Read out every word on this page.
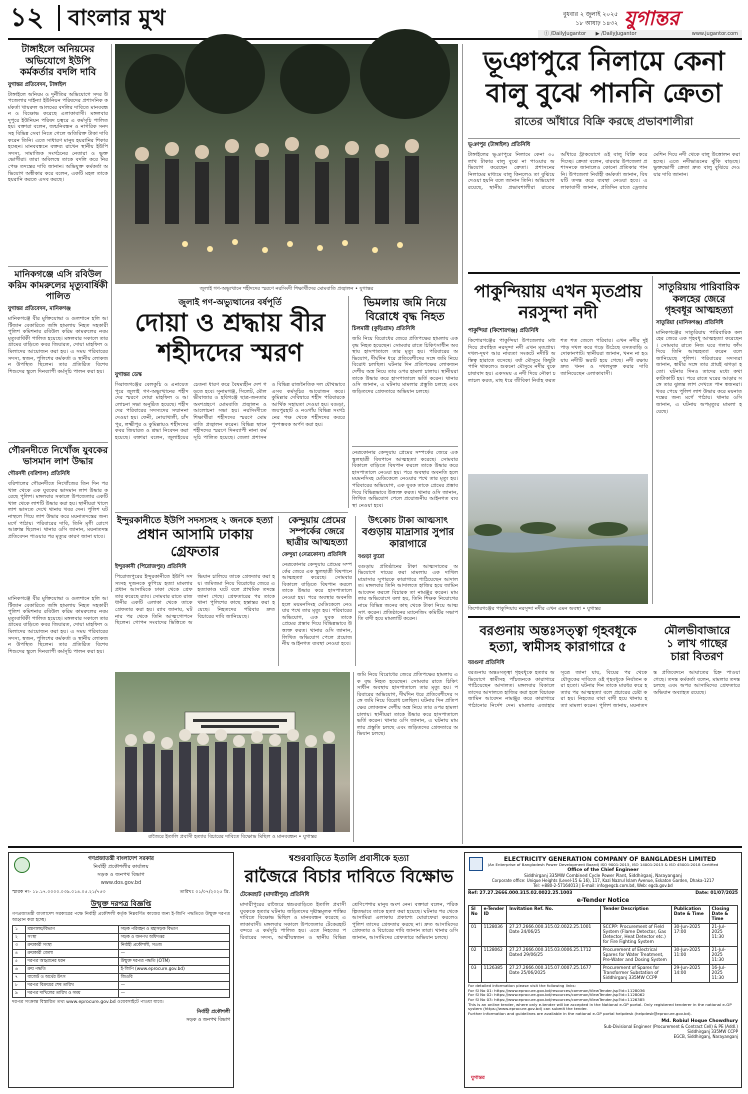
১২ বাংলার মুখ	বুধবার ২ জুলাই ২০২৫
১৮ আষাঢ় ১৪৩২ যুগান্তর
ⓕ /DailyJugantor ▶ /DailyJugantor	www.jugantor.com
টাঙ্গাইলে অনিয়মের অভিযোগে ইউপি কর্মকর্তার বদলি দাবি
যুগান্তর প্রতিবেদন, টাঙ্গাইল
টাঙ্গাইলে অনিয়ম ও দুর্নীতির অভিযোগে সদর উপজেলার দাইন্যা ইউনিয়ন পরিষদের প্রশাসনিক কর্মকর্তা খায়রুল আলমের বদলির দাবিতে মানববন্ধন ও বিক্ষোভ করেছে এলাকাবাসী। মঙ্গলবার দুপুরে ইউনিয়ন পরিষদ চত্বরে এ কর্মসূচি পালিত হয়। বক্তারা বলেন, জন্মনিবন্ধন ও নাগরিক সনদসহ বিভিন্ন সেবা নিতে গেলে অতিরিক্ত টাকা দাবি করেন তিনি। এতে সাধারণ মানুষ হয়রানির শিকার হচ্ছেন। মানববন্ধনে বক্তব্য রাখেন স্থানীয় ইউপি সদস্য, সামাজিক সংগঠনের নেতারা ও ভুক্তভোগীরা। তারা অবিলম্বে তাকে বদলি করে নিরপেক্ষ তদন্তের দাবি জানান। অভিযুক্ত কর্মকর্তা অভিযোগ অস্বীকার করে বলেন, একটি মহল তাকে হয়রানি করতে এসব করছে।
মানিকগঞ্জে এসি রবিউল করিম কামরুলের মৃত্যুবার্ষিকী পালিত
যুগান্তর প্রতিবেদন, মানিকগঞ্জ
মানিকগঞ্জে বীর মুক্তিযোদ্ধা ও গুলশানে হলি আর্টিজান বেকারিতে জঙ্গি হামলায় নিহত সহকারী পুলিশ কমিশনার রবিউল করিম কামরুলের নবম মৃত্যুবার্ষিকী পালিত হয়েছে। মঙ্গলবার সকালে তার গ্রামের বাড়িতে কবর জিয়ারত, দোয়া মাহফিল ও মিলাদের আয়োজন করা হয়। এ সময় পরিবারের সদস্য, স্বজন, পুলিশের কর্মকর্তা ও স্থানীয় লোকজন উপস্থিত ছিলেন। তার প্রতিষ্ঠিত বিশেষ শিশুদের স্কুলে দিনব্যাপী কর্মসূচি পালন করা হয়।
গৌরনদীতে নিখোঁজ যুবকের ভাসমান লাশ উদ্ধার
গৌরনদী (বরিশাল) প্রতিনিধি
বরিশালের গৌরনদীতে নিখোঁজের তিন দিন পর খাল থেকে এক যুবকের ভাসমান লাশ উদ্ধার করেছে পুলিশ। মঙ্গলবার সকালে উপজেলার একটি খাল থেকে লাশটি উদ্ধার করা হয়। স্থানীয়রা খালে লাশ ভাসতে দেখে থানায় খবর দেন। পুলিশ ঘটনাস্থলে গিয়ে লাশ উদ্ধার করে ময়নাতদন্তের জন্য মর্গে পাঠায়। পরিবারের দাবি, তিনি মৃগী রোগে আক্রান্ত ছিলেন। থানার ওসি জানান, ময়নাতদন্ত প্রতিবেদন পাওয়ার পর মৃত্যুর কারণ জানা যাবে।
জুলাই গণ-অভ্যুত্থানে শহীদদের স্মরণে নরসিংদী শিক্ষার্থীদের মোমবাতি প্রজ্বালন • যুগান্তর
জুলাই গণ-অভ্যুত্থানের বর্ষপূর্তি
দোয়া ও শ্রদ্ধায় বীর
শহীদদের স্মরণ
যুগান্তর ডেস্ক
সিরাজগঞ্জের বেলকুচি ও এনায়েতপুরে জুলাই গণ-অভ্যুত্থানের শহীদদের স্মরণে দোয়া মাহফিল ও আলোচনা সভা অনুষ্ঠিত হয়েছে। শহীদদের পরিবারের সদস্যদের সম্মাননা দেওয়া হয়। ফেনী, নোয়াখালী, চাঁদপুর, লক্ষ্মীপুর ও কুমিল্লায়ও শহীদদের কবর জিয়ারত ও শ্রদ্ধা নিবেদন করা হয়েছে। বক্তারা বলেন, জুলাইয়ের চেতনা ধারণ করে বৈষম্যহীন দেশ গড়তে হবে। সুনামগঞ্জ, সিলেট, মৌলভীবাজার ও হবিগঞ্জে ছাত্র-জনতার অংশগ্রহণে মোমবাতি প্রজ্বালন ও আলোচনা সভা হয়। নরসিংদীতে শিক্ষার্থীরা শহীদদের স্মরণে মোমবাতি প্রজ্বালন করেন। বিভিন্ন স্থানে শহীদদের স্মরণে দিনব্যাপী নানা কর্মসূচি পালিত হয়েছে। জেলা প্রশাসন ও বিভিন্ন রাজনৈতিক দল যৌথভাবে এসব কর্মসূচির আয়োজন করে। কুমিল্লার দেবিদ্বারে শহীদ পরিবারকে আর্থিক সহায়তা দেওয়া হয়। বগুড়া, জয়পুরহাট ও নওগাঁয় বিভিন্ন সংগঠনের পক্ষ থেকে শহীদদের কবরে পুষ্পস্তবক অর্পণ করা হয়।
ভিমলায় জমি নিয়ে বিরোধে বৃদ্ধ নিহত
চিলমারী (কুড়িগ্রাম) প্রতিনিধি
জমি নিয়ে বিরোধের জেরে প্রতিপক্ষের হামলায় এক বৃদ্ধ নিহত হয়েছেন। সোমবার রাতে চিকিৎসাধীন অবস্থায় হাসপাতালে তার মৃত্যু হয়। পরিবারের অভিযোগ, দীর্ঘদিন ধরে প্রতিবেশীদের সঙ্গে জমি নিয়ে বিরোধ চলছিল। ঘটনার দিন প্রতিপক্ষের লোকজন দেশীয় অস্ত্র নিয়ে তার ওপর হামলা চালায়। স্থানীয়রা তাকে উদ্ধার করে হাসপাতালে ভর্তি করেন। থানার ওসি জানান, এ ঘটনায় মামলার প্রস্তুতি চলছে এবং জড়িতদের গ্রেফতারে অভিযান চলছে।
নেত্রকোনার কেন্দুয়ায় প্রেমের সম্পর্কের জেরে এক স্কুলছাত্রী বিষপানে আত্মহত্যা করেছে। সোমবার বিকালে বাড়িতে বিষপান করলে তাকে উদ্ধার করে হাসপাতালে নেওয়া হয়। পরে অবস্থার অবনতি হলে ময়মনসিংহ মেডিকেলে নেওয়ার পথে তার মৃত্যু হয়। পরিবারের অভিযোগ, এক যুবক তাকে প্রেমের প্রস্তাব দিয়ে বিভিন্নভাবে উত্ত্যক্ত করত। থানার ওসি জানান, লিখিত অভিযোগ পেলে প্রয়োজনীয় আইনগত ব্যবস্থা নেওয়া হবে।
ইন্দুরকানীতে ইউপি সদস্যসহ ২ জনকে হত্যা
প্রধান আসামি ঢাকায় গ্রেফতার
ইন্দুরকানী (পিরোজপুর) প্রতিনিধি
পিরোজপুরের ইন্দুরকানীতে ইউপি সদস্যসহ দুজনকে কুপিয়ে হত্যা মামলার প্রধান আসামিকে ঢাকা থেকে গ্রেফতার করেছে র‍্যাব। সোমবার রাতে রাজধানীর একটি এলাকা থেকে তাকে গ্রেফতার করা হয়। র‍্যাব জানায়, ঘটনার পর থেকে তিনি আত্মগোপনে ছিলেন। গোপন সংবাদের ভিত্তিতে অভিযান চালিয়ে তাকে গ্রেফতার করা হয়। জমিজমা নিয়ে বিরোধের জেরে এ হত্যাকাণ্ড ঘটে বলে প্রাথমিক তদন্তে জানা গেছে। গ্রেফতারের পর তাকে থানা পুলিশের কাছে হস্তান্তর করা হয়েছে। নিহতদের পরিবার দ্রুত বিচারের দাবি জানিয়েছে।
কেন্দুয়ায় প্রেমের সম্পর্কের জেরে ছাত্রীর আত্মহত্যা
কেন্দুয়া (নেত্রকোনা) প্রতিনিধি
নেত্রকোনার কেন্দুয়ায় প্রেমের সম্পর্কের জেরে এক স্কুলছাত্রী বিষপানে আত্মহত্যা করেছে। সোমবার বিকালে বাড়িতে বিষপান করলে তাকে উদ্ধার করে হাসপাতালে নেওয়া হয়। পরে অবস্থার অবনতি হলে ময়মনসিংহ মেডিকেলে নেওয়ার পথে তার মৃত্যু হয়। পরিবারের অভিযোগ, এক যুবক তাকে প্রেমের প্রস্তাব দিয়ে বিভিন্নভাবে উত্ত্যক্ত করত। থানার ওসি জানান, লিখিত অভিযোগ পেলে প্রয়োজনীয় আইনগত ব্যবস্থা নেওয়া হবে।
উৎকোচ টাকা আত্মসাৎ
বগুড়ায় মাদ্রাসার সুপার কারাগারে
বগুড়া ব্যুরো
বগুড়ায় প্রতিষ্ঠানের টাকা আত্মসাতের অভিযোগে দায়ের করা মামলায় এক দাখিল মাদ্রাসার সুপারকে কারাগারে পাঠিয়েছেন আদালত। মঙ্গলবার তিনি আদালতে হাজির হয়ে জামিন আবেদন করলে বিচারক তা নামঞ্জুর করেন। মামলার অভিযোগে বলা হয়, তিনি শিক্ষক নিয়োগের নামে বিভিন্ন জনের কাছ থেকে টাকা নিয়ে আত্মসাৎ করেন। প্রতিষ্ঠানের ম্যানেজিং কমিটির সভাপতি বাদী হয়ে মামলাটি করেন।
রাজৈরে ইতালি প্রবাসী হত্যার বিচারের দাবিতে বিক্ষোভ মিছিল ও মানববন্ধন • যুগান্তর
জমি নিয়ে বিরোধের জেরে প্রতিপক্ষের হামলায় এক বৃদ্ধ নিহত হয়েছেন। সোমবার রাতে চিকিৎসাধীন অবস্থায় হাসপাতালে তার মৃত্যু হয়। পরিবারের অভিযোগ, দীর্ঘদিন ধরে প্রতিবেশীদের সঙ্গে জমি নিয়ে বিরোধ চলছিল। ঘটনার দিন প্রতিপক্ষের লোকজন দেশীয় অস্ত্র নিয়ে তার ওপর হামলা চালায়। স্থানীয়রা তাকে উদ্ধার করে হাসপাতালে ভর্তি করেন। থানার ওসি জানান, এ ঘটনায় মামলার প্রস্তুতি চলছে এবং জড়িতদের গ্রেফতারে অভিযান চলছে।
মানিকগঞ্জে বীর মুক্তিযোদ্ধা ও গুলশানে হলি আর্টিজান বেকারিতে জঙ্গি হামলায় নিহত সহকারী পুলিশ কমিশনার রবিউল করিম কামরুলের নবম মৃত্যুবার্ষিকী পালিত হয়েছে। মঙ্গলবার সকালে তার গ্রামের বাড়িতে কবর জিয়ারত, দোয়া মাহফিল ও মিলাদের আয়োজন করা হয়। এ সময় পরিবারের সদস্য, স্বজন, পুলিশের কর্মকর্তা ও স্থানীয় লোকজন উপস্থিত ছিলেন। তার প্রতিষ্ঠিত বিশেষ শিশুদের স্কুলে দিনব্যাপী কর্মসূচি পালন করা হয়।
ভূঞাপুরে নিলামে কেনা
বালু বুঝে পাননি ক্রেতা
রাতের আঁধারে বিক্রি করছে প্রভাবশালীরা
ভূঞাপুর (টাঙ্গাইল) প্রতিনিধি
টাঙ্গাইলের ভূঞাপুরে নিলামে কেনা ৩০ লাখ টাকার বালু বুঝে না পাওয়ার অভিযোগ করেছেন ক্রেতা। প্রশাসনের নিলামের মাধ্যমে বালু কিনলেও তা বুঝিয়ে দেওয়া হয়নি বলে জানান তিনি। অভিযোগ রয়েছে, স্থানীয় প্রভাবশালীরা রাতের আঁধারে ট্রাকযোগে ওই বালু বিক্রি করে দিচ্ছে। ক্রেতা বলেন, বারবার উপজেলা প্রশাসনকে জানালেও কোনো প্রতিকার পাননি। উপজেলা নির্বাহী কর্মকর্তা জানান, বিষয়টি তদন্ত করে ব্যবস্থা নেওয়া হবে। এলাকাবাসী জানান, প্রতিদিন রাতে ড্রেজার মেশিন দিয়ে নদী থেকে বালু উত্তোলন করা হচ্ছে। এতে নদীভাঙনের ঝুঁকি বাড়ছে। ভুক্তভোগী ক্রেতা দ্রুত বালু বুঝিয়ে দেওয়ার দাবি জানান।
পাকুন্দিয়ায় এখন মৃতপ্রায়
নরসুন্দা নদী
পাকুন্দিয়া (কিশোরগঞ্জ) প্রতিনিধি
কিশোরগঞ্জের পাকুন্দিয়া উপজেলার মধ্য দিয়ে প্রবাহিত নরসুন্দা নদী এখন মৃতপ্রায়। দখল-দূষণ আর নাব্যতা সংকটে নদীটি অস্তিত্ব হারাতে বসেছে। বর্ষা মৌসুমে কিছুটা পানি থাকলেও শুকনো মৌসুমে নদীর বুকে চাষাবাদ হয়। একসময় এ নদী দিয়ে নৌকা চলাচল করত, মাছ ধরে জীবিকা নির্বাহ করত শত শত জেলে পরিবার। এখন নদীর দুই পাড় দখল করে গড়ে উঠেছে বসতবাড়ি ও দোকানপাট। স্থানীয়রা জানান, খনন না হওয়ায় নদীটি ভরাট হয়ে গেছে। নদী রক্ষায় দ্রুত খনন ও দখলমুক্ত করার দাবি জানিয়েছেন এলাকাবাসী।
কিশোরগঞ্জের পাকুন্দিয়ায় নরসুন্দা নদীর এখন এমন অবস্থা • যুগান্তর
সাতুরিয়ায় পারিবারিক
কলহের জেরে
গৃহবধূর আত্মহত্যা
সাতুরিয়া (মানিকগঞ্জ) প্রতিনিধি
মানিকগঞ্জের সাতুরিয়ায় পারিবারিক কলহের জেরে এক গৃহবধূ আত্মহত্যা করেছেন। সোমবার রাতে নিজ ঘরে গলায় ফাঁস দিয়ে তিনি আত্মহত্যা করেন বলে জানিয়েছে পুলিশ। পরিবারের সদস্যরা জানান, স্বামীর সঙ্গে তার প্রায়ই ঝগড়া হতো। ঘটনার দিনও তাদের মধ্যে কথা কাটাকাটি হয়। পরে রাতে ঘরের আড়ার সঙ্গে তার ঝুলন্ত লাশ দেখতে পান স্বজনরা। খবর পেয়ে পুলিশ লাশ উদ্ধার করে ময়নাতদন্তের জন্য মর্গে পাঠায়। থানার ওসি জানান, এ ঘটনায় অপমৃত্যুর মামলা হয়েছে।
বরগুনায় অন্তঃসত্ত্বা গৃহবধূকে
হত্যা, স্বামীসহ কারাগারে ৫
বরগুনা প্রতিনিধি
বরগুনায় অন্তঃসত্ত্বা গৃহবধূকে হত্যার অভিযোগে স্বামীসহ পাঁচজনকে কারাগারে পাঠিয়েছেন আদালত। মঙ্গলবার বিকালে তাদের আদালতে হাজির করা হলে বিচারক জামিন আবেদন নামঞ্জুর করে কারাগারে পাঠানোর নির্দেশ দেন। মামলার এজাহার সূত্রে জানা যায়, বিয়ের পর থেকে যৌতুকের দাবিতে ওই গৃহবধূকে নির্যাতন করা হতো। ঘটনার দিন তাকে মারধর করে হত্যার পর আত্মহত্যা বলে প্রচারের চেষ্টা করা হয়। নিহতের বাবা বাদী হয়ে থানায় হত্যা মামলা করেন। পুলিশ জানায়, ময়নাতদন্ত প্রতিবেদনে আঘাতের চিহ্ন পাওয়া গেছে। তদন্ত কর্মকর্তা বলেন, মামলার তদন্ত চলছে এবং অপর আসামিদের গ্রেফতারে অভিযান অব্যাহত রয়েছে।
মৌলভীবাজারে
১ লাখ গাছের
চারা বিতরণ
গণপ্রজাতন্ত্রী বাংলাদেশ সরকার
নির্বাহী প্রকৌশলীর কার্যালয়
সড়ক ও জনপথ বিভাগ
www.dos.gov.bd
স্মারক নং- ১৮.১৭.০০০০.০৩৯.০১৪.০৫.২১/৭৫৩	তারিখঃ ০১/০৭/২০২৫ খ্রি.
উন্মুক্ত দরপত্র বিজ্ঞপ্তি
গণপ্রজাতন্ত্রী বাংলাদেশ সরকারের পক্ষে নির্বাহী প্রকৌশলী কর্তৃক নিম্নবর্ণিত কাজের জন্য ই-জিপি পদ্ধতিতে উন্মুক্ত দরপত্র আহ্বান করা হচ্ছে।
১	মন্ত্রণালয়/বিভাগ	সড়ক পরিবহন ও মহাসড়ক বিভাগ
২	সংস্থা	সড়ক ও জনপথ অধিদপ্তর
৩	ক্রয়কারী সংস্থা	নির্বাহী প্রকৌশলী, সওজ
৪	ক্রয়কারী জেলা	—
৫	দরপত্র আহ্বানের ধরন	উন্মুক্ত দরপত্র পদ্ধতি (OTM)
৬	ক্রয় পদ্ধতি	ই-জিপি (www.eprocure.gov.bd)
৭	বাজেট ও অর্থের উৎস	জিওবি
৮	দরপত্র বিক্রয়ের শেষ তারিখ	—
৯	দরপত্র দাখিলের তারিখ ও সময়	—
দরপত্র সংক্রান্ত বিস্তারিত তথ্য www.eprocure.gov.bd ওয়েবসাইটে পাওয়া যাবে।
নির্বাহী প্রকৌশলী
সড়ক ও জনপথ বিভাগ
শ্বশুরবাড়িতে ইতালি প্রবাসীকে হত্যা
রাজৈরে বিচার দাবিতে বিক্ষোভ
টেকেরহাট (মাদারীপুর) প্রতিনিধি
মাদারীপুরের রাজৈরে শ্বশুরবাড়িতে ইতালি প্রবাসী যুবককে হত্যার ঘটনায় জড়িতদের দৃষ্টান্তমূলক শাস্তির দাবিতে বিক্ষোভ মিছিল ও মানববন্ধন করেছে এলাকাবাসী। মঙ্গলবার সকালে উপজেলার টেকেরহাট বন্দরে এ কর্মসূচি পালিত হয়। এতে নিহতের পরিবারের সদস্য, আত্মীয়স্বজন ও স্থানীয় বিভিন্ন শ্রেণিপেশার মানুষ অংশ নেন। বক্তারা বলেন, পরিকল্পিতভাবে তাকে হত্যা করা হয়েছে। ঘটনার পর থেকে আসামিরা এলাকায় প্রকাশ্যে ঘোরাফেরা করলেও পুলিশ তাদের গ্রেফতার করছে না। দ্রুত আসামিদের গ্রেফতার ও বিচারের দাবি জানান তারা। থানার ওসি জানান, আসামিদের গ্রেফতারে অভিযান চলছে।
ELECTRICITY GENERATION COMPANY OF BANGLADESH LIMITED
(An Enterprise of Bangladesh Power Development Board) ISO 9001:2015, ISO 14001:2015 & ISO 45001:2018 Certified
Office of the Chief Engineer
Siddhirganj 335MW Combined Cycle Power Plant, Siddhirganj, Narayanganj
Corporate office: Unique Heights (Level-15 & 16), 117, Kazi Nazrul Islam Avenue, Eskaton Garden, Dhaka-1217
Tel: +880-2-57164013 | E-mail: info@egcb.com.bd, Web: egcb.gov.bd
Ref: 27.27.2666.000.315.02.0022.25.1003	Date: 01/07/2025
e-Tender Notice
Sl No	e-Tender ID	Invitation Ref. No.	Tender Description	Publication Date & Time	Closing Date & Time
01	1128036	27.27.2666.000.315.02.0022.25.1001 Date 24/06/25	SCCPP: Procurement of Field System (Flame Detector, Gas Detector, Heat Detector etc.) for Fire Fighting System	30-Jun-2025 17:00	21-Jul-2025 11:30
02	1128062	27.27.2666.000.315.03.0006.25.1712 Dated 29/06/25	Procurement of Electrical Spares for Water Treatment, Pre-Water and Dosing System	30-Jun-2025 11:00	21-Jul-2025 11:30
03	1126385	27.27.2666.000.315.07.0007.25.1677 Date 25/06/2025	Procurement of Spares for Transformer Substation of Siddhirganj 335MW CCPP	29-Jun-2025 14:00	16-Jul-2025 11:30
For detailed information please visit the following links:
For Sl No 01: https://www.eprocure.gov.bd/resources/common/ViewTender.jsp?id=1128036
For Sl No 02: https://www.eprocure.gov.bd/resources/common/ViewTender.jsp?id=1128062
For Sl No 03: https://www.eprocure.gov.bd/resources/common/ViewTender.jsp?id=1126385
This is an online tender, where only e-tender will be accepted in the National e-GP portal. Only registered tenderer in the national e-GP system (https://www.eprocure.gov.bd) can submit the tender.
Further information and guidelines are available in the national e-GP portal helpdesk (helpdesk@eprocure.gov.bd).
Md. Robiul Hoque Chowdhury
Sub-Divisional Engineer (Procurement & Contract Cell) & PE (Addl.)
Siddhirganj 335MW CCPP
EGCB, Siddhirganj, Narayanganj
যুগান্তর
